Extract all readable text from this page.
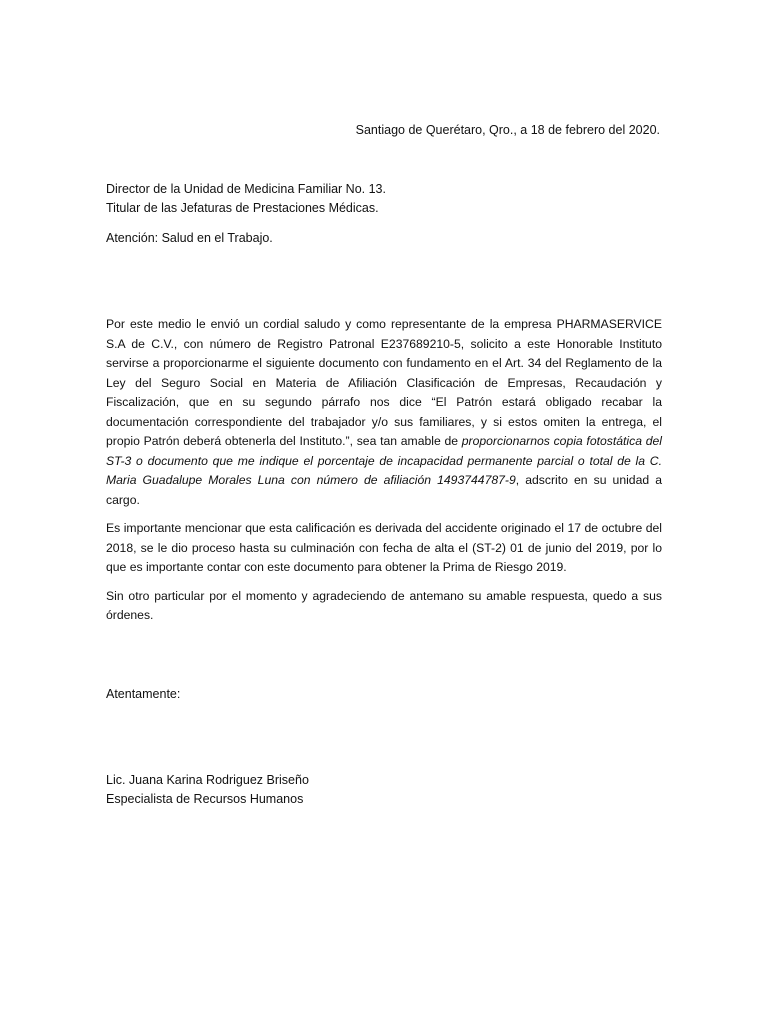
Santiago de Querétaro, Qro., a 18 de febrero del 2020.
Director de la Unidad de Medicina Familiar No. 13.
Titular de las Jefaturas de Prestaciones Médicas.
Atención: Salud en el Trabajo.

Por este medio le envió un cordial saludo y como representante de la empresa PHARMASERVICE S.A de C.V., con número de Registro Patronal E237689210-5, solicito a este Honorable Instituto servirse a proporcionarme el siguiente documento con fundamento en el Art. 34 del Reglamento de la Ley del Seguro Social en Materia de Afiliación Clasificación de Empresas, Recaudación y Fiscalización, que en su segundo párrafo nos dice “El Patrón estará obligado recabar la documentación correspondiente del trabajador y/o sus familiares, y si estos omiten la entrega, el propio Patrón deberá obtenerla del Instituto.”, sea tan amable de proporcionarnos copia fotostática del ST-3 o documento que me indique el porcentaje de incapacidad permanente parcial o total de la C. Maria Guadalupe Morales Luna con número de afiliación 1493744787-9, adscrito en su unidad a cargo.

Es importante mencionar que esta calificación es derivada del accidente originado el 17 de octubre del 2018, se le dio proceso hasta su culminación con fecha de alta el (ST-2) 01 de junio del 2019, por lo que es importante contar con este documento para obtener la Prima de Riesgo 2019.

Sin otro particular por el momento y agradeciendo de antemano su amable respuesta, quedo a sus órdenes.

Atentamente:
Lic. Juana Karina Rodriguez Briseño
Especialista de Recursos Humanos
